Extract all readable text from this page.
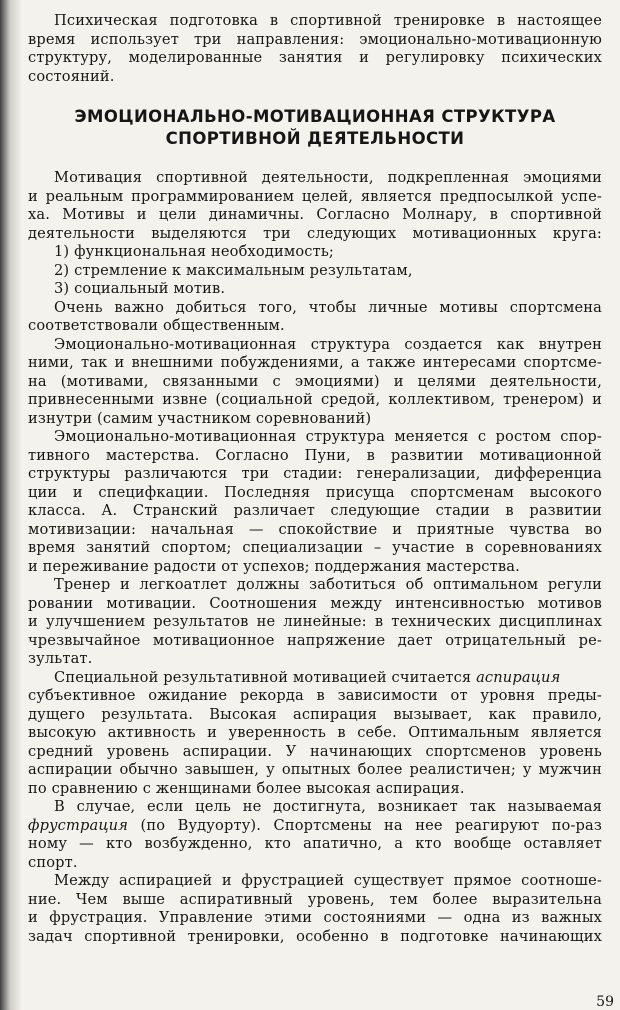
Психическая подготовка в спортивной тренировке в настоящее
время использует три направления: эмоционально-мотивационную
структуру, моделированные занятия и регулировку психических
состояний.
ЭМОЦИОНАЛЬНО-МОТИВАЦИОННАЯ СТРУКТУРА
СПОРТИВНОЙ ДЕЯТЕЛЬНОСТИ
Мотивация спортивной деятельности, подкрепленная эмоциями
и реальным программированием целей, является предпосылкой успе-
ха. Мотивы и цели динамичны. Согласно Молнару, в спортивной
деятельности выделяются три следующих мотивационных круга:
1) функциональная необходимость;
2) стремление к максимальным результатам,
3) социальный мотив.
Очень важно добиться того, чтобы личные мотивы спортсмена
соответствовали общественным.
Эмоционально-мотивационная структура создается как внутрен
ними, так и внешними побуждениями, а также интересами спортсме-
на (мотивами, связанными с эмоциями) и целями деятельности,
привнесенными извне (социальной средой, коллективом, тренером) и
изнутри (самим участником соревнований)
Эмоционально-мотивационная структура меняется с ростом спор-
тивного мастерства. Согласно Пуни, в развитии мотивационной
структуры различаются три стадии: генерализации, дифференциа
ции и специфкации. Последняя присуща спортсменам высокого
класса. А. Странский различает следующие стадии в развитии
мотивизации: начальная — спокойствие и приятные чувства во
время занятий спортом; специализации – участие в соревнованиях
и переживание радости от успехов; поддержания мастерства.
Тренер и легкоатлет должны заботиться об оптимальном регули
ровании мотивации. Соотношения между интенсивностью мотивов
и улучшением результатов не линейные: в технических дисциплинах
чрезвычайное мотивационное напряжение дает отрицательный ре-
зультат.
Специальной результативной мотивацией считается аспирация
субъективное ожидание рекорда в зависимости от уровня преды-
дущего результата. Высокая аспирация вызывает, как правило,
высокую активность и уверенность в себе. Оптимальным является
средний уровень аспирации. У начинающих спортсменов уровень
аспирации обычно завышен, у опытных более реалистичен; у мужчин
по сравнению с женщинами более высокая аспирация.
В случае, если цель не достигнута, возникает так называемая
фрустрация (по Вудуорту). Спортсмены на нее реагируют по-раз
ному — кто возбужденно, кто апатично, а кто вообще оставляет
спорт.
Между аспирацией и фрустрацией существует прямое соотноше-
ние. Чем выше аспиративный уровень, тем более выразительна
и фрустрация. Управление этими состояниями — одна из важных
задач спортивной тренировки, особенно в подготовке начинающих
59
